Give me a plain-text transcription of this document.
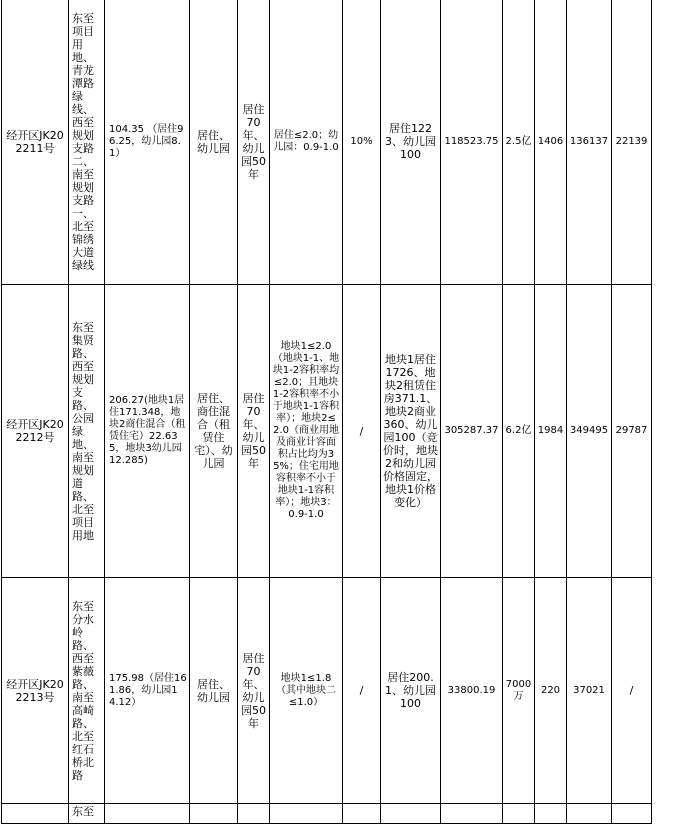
经开区JK202211号	东至项目用地、青龙潭路绿线、西至规划支路二、南至规划支路一、北至锦绣大道绿线	104.35 （居住96.25，幼儿园8.1）	居住、幼儿园	居住70年、幼儿园50年	居住≤2.0；幼儿园：0.9-1.0	10%	居住1223、幼儿园100	118523.75	2.5亿	1406	136137	22139
经开区JK202212号	东至集贤路、西至规划支路、公园绿地、南至规划道路、北至项目用地	206.27(地块1居住171.348，地块2商住混合（租赁住宅）22.635，地块3幼儿园12.285)	居住、商住混合（租赁住宅）、幼儿园	居住70年、幼儿园50年	地块1≤2.0（地块1-1、地块1-2容积率均≤2.0；且地块1-2容积率不小于地块1-1容积率）；地块2≤2.0（商业用地及商业计容面积占比均为35%；住宅用地容积率不小于地块1-1容积率）；地块3：0.9-1.0	/	地块1居住1726、地块2租赁住房371.1、地块2商业360、幼儿园100（竞价时，地块2和幼儿园价格固定，地块1价格变化）	305287.37	6.2亿	1984	349495	29787
经开区JK202213号	东至分水岭路、西至紫薇路、南至高崎路、北至红石桥北路	175.98（居住161.86，幼儿园14.12）	居住、幼儿园	居住70年、幼儿园50年	地块1≤1.8（其中地块二≤1.0）	/	居住200.1、幼儿园100	33800.19	7000万	220	37021	/
	东至											
